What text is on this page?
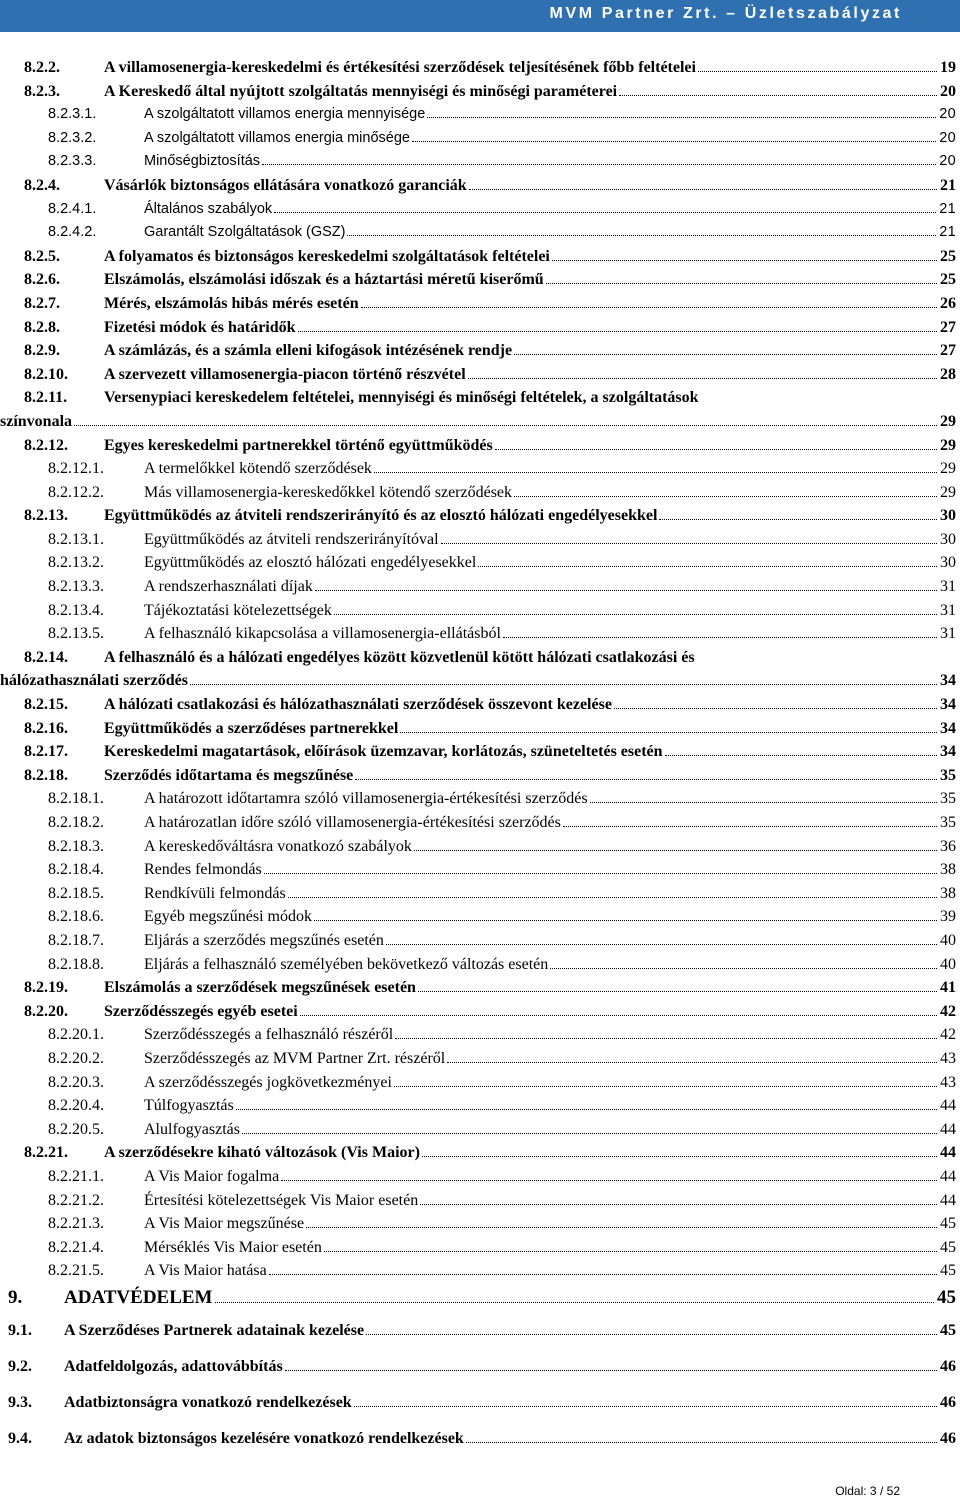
MVM Partner Zrt. – Üzletszabályzat
8.2.2.	A villamosenergia-kereskedelmi és értékesítési szerződések teljesítésének főbb feltételei	19
8.2.3.	A Kereskedő által nyújtott szolgáltatás mennyiségi és minőségi paraméterei	20
8.2.3.1.	A szolgáltatott villamos energia mennyisége	20
8.2.3.2.	A szolgáltatott villamos energia minősége	20
8.2.3.3.	Minőségbiztosítás	20
8.2.4.	Vásárlók biztonságos ellátására vonatkozó garanciák	21
8.2.4.1.	Általános szabályok	21
8.2.4.2.	Garantált Szolgáltatások (GSZ)	21
8.2.5.	A folyamatos és biztonságos kereskedelmi szolgáltatások feltételei	25
8.2.6.	Elszámolás, elszámolási időszak és a háztartási méretű kiserőmű	25
8.2.7.	Mérés, elszámolás hibás mérés esetén	26
8.2.8.	Fizetési módok és határidők	27
8.2.9.	A számlázás, és a számla elleni kifogások intézésének rendje	27
8.2.10.	A szervezett villamosenergia-piacon történő részvétel	28
8.2.11. Versenypiaci kereskedelem feltételei, mennyiségi és minőségi feltételek, a szolgáltatások
színvonala	29
8.2.12.	Egyes kereskedelmi partnerekkel történő együttműködés	29
8.2.12.1.	A termelőkkel kötendő szerződések	29
8.2.12.2.	Más villamosenergia-kereskedőkkel kötendő szerződések	29
8.2.13.	Együttműködés az átviteli rendszerirányító és az elosztó hálózati engedélyesekkel	30
8.2.13.1.	Együttműködés az átviteli rendszerirányítóval	30
8.2.13.2.	Együttműködés az elosztó hálózati engedélyesekkel	30
8.2.13.3.	A rendszerhasználati díjak	31
8.2.13.4.	Tájékoztatási kötelezettségek	31
8.2.13.5.	A felhasználó kikapcsolása a villamosenergia-ellátásból	31
8.2.14. A felhasználó és a hálózati engedélyes között közvetlenül kötött hálózati csatlakozási és
hálózathasználati szerződés	34
8.2.15.	A hálózati csatlakozási és hálózathasználati szerződések összevont kezelése	34
8.2.16.	Együttműködés a szerződéses partnerekkel	34
8.2.17.	Kereskedelmi magatartások, előírások üzemzavar, korlátozás, szüneteltetés esetén	34
8.2.18.	Szerződés időtartama és megszűnése	35
8.2.18.1.	A határozott időtartamra szóló villamosenergia-értékesítési szerződés	35
8.2.18.2.	A határozatlan időre szóló villamosenergia-értékesítési szerződés	35
8.2.18.3.	A kereskedőváltásra vonatkozó szabályok	36
8.2.18.4.	Rendes felmondás	38
8.2.18.5.	Rendkívüli felmondás	38
8.2.18.6.	Egyéb megszűnési módok	39
8.2.18.7.	Eljárás a szerződés megszűnés esetén	40
8.2.18.8.	Eljárás a felhasználó személyében bekövetkező változás esetén	40
8.2.19.	Elszámolás a szerződések megszűnések esetén	41
8.2.20.	Szerződésszegés egyéb esetei	42
8.2.20.1.	Szerződésszegés a felhasználó részéről	42
8.2.20.2.	Szerződésszegés az MVM Partner Zrt. részéről	43
8.2.20.3.	A szerződésszegés jogkövetkezményei	43
8.2.20.4.	Túlfogyasztás	44
8.2.20.5.	Alulfogyasztás	44
8.2.21.	A szerződésekre kiható változások (Vis Maior)	44
8.2.21.1.	A Vis Maior fogalma	44
8.2.21.2.	Értesítési kötelezettségek Vis Maior esetén	44
8.2.21.3.	A Vis Maior megszűnése	45
8.2.21.4.	Mérséklés Vis Maior esetén	45
8.2.21.5.	A Vis Maior hatása	45
9.	ADATVÉDELEM	45
9.1.	A Szerződéses Partnerek adatainak kezelése	45
9.2.	Adatfeldolgozás, adattovábbítás	46
9.3.	Adatbiztonságra vonatkozó rendelkezések	46
9.4.	Az adatok biztonságos kezelésére vonatkozó rendelkezések	46
Oldal: 3 / 52
